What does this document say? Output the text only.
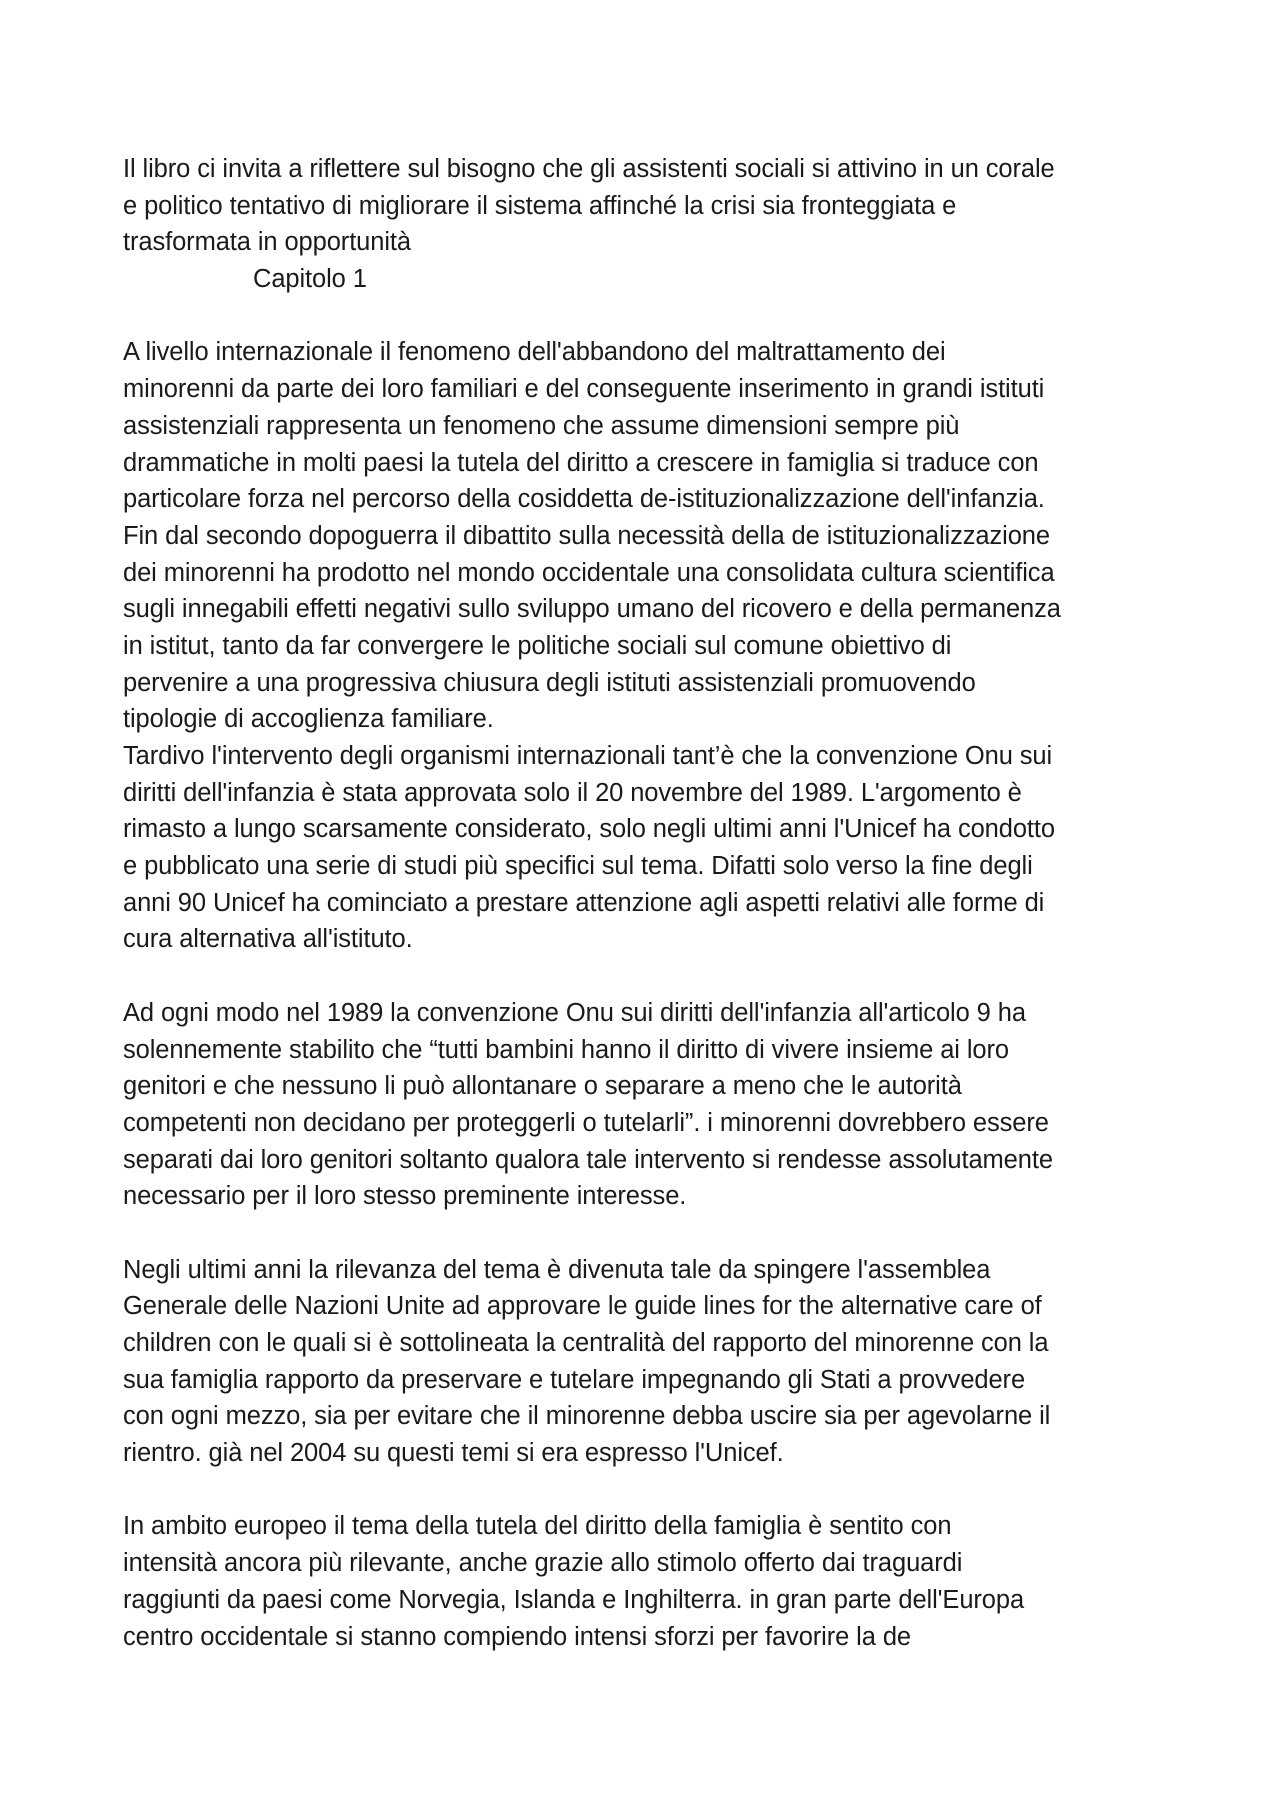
Il libro ci invita a riflettere sul bisogno che gli assistenti sociali si attivino in un corale
e politico tentativo di migliorare il sistema affinché la crisi sia fronteggiata e
trasformata in opportunità
Capitolo 1
A livello internazionale il fenomeno dell'abbandono del maltrattamento dei
minorenni da parte dei loro familiari e del conseguente inserimento in grandi istituti
assistenziali rappresenta un fenomeno che assume dimensioni sempre più
drammatiche in molti paesi la tutela del diritto a crescere in famiglia si traduce con
particolare forza nel percorso della cosiddetta de-istituzionalizzazione dell'infanzia.
Fin dal secondo dopoguerra il dibattito sulla necessità della de istituzionalizzazione
dei minorenni ha prodotto nel mondo occidentale una consolidata cultura scientifica
sugli innegabili effetti negativi sullo sviluppo umano del ricovero e della permanenza
in istitut, tanto da far convergere le politiche sociali sul comune obiettivo di
pervenire a una progressiva chiusura degli istituti assistenziali promuovendo
tipologie di accoglienza familiare.
Tardivo l'intervento degli organismi internazionali tant’è che la convenzione Onu sui
diritti dell'infanzia è stata approvata solo il 20 novembre del 1989. L'argomento è
rimasto a lungo scarsamente considerato, solo negli ultimi anni l'Unicef ha condotto
e pubblicato una serie di studi più specifici sul tema. Difatti solo verso la fine degli
anni 90 Unicef ha cominciato a prestare attenzione agli aspetti relativi alle forme di
cura alternativa all'istituto.
Ad ogni modo nel 1989 la convenzione Onu sui diritti dell'infanzia all'articolo 9 ha
solennemente stabilito che “tutti bambini hanno il diritto di vivere insieme ai loro
genitori e che nessuno li può allontanare o separare a meno che le autorità
competenti non decidano per proteggerli o tutelarli”. i minorenni dovrebbero essere
separati dai loro genitori soltanto qualora tale intervento si rendesse assolutamente
necessario per il loro stesso preminente interesse.
Negli ultimi anni la rilevanza del tema è divenuta tale da spingere l'assemblea
Generale delle Nazioni Unite ad approvare le guide lines for the alternative care of
children con le quali si è sottolineata la centralità del rapporto del minorenne con la
sua famiglia rapporto da preservare e tutelare impegnando gli Stati a provvedere
con ogni mezzo, sia per evitare che il minorenne debba uscire sia per agevolarne il
rientro. già nel 2004 su questi temi si era espresso l'Unicef.
In ambito europeo il tema della tutela del diritto della famiglia è sentito con
intensità ancora più rilevante, anche grazie allo stimolo offerto dai traguardi
raggiunti da paesi come Norvegia, Islanda e Inghilterra. in gran parte dell'Europa
centro occidentale si stanno compiendo intensi sforzi per favorire la de
